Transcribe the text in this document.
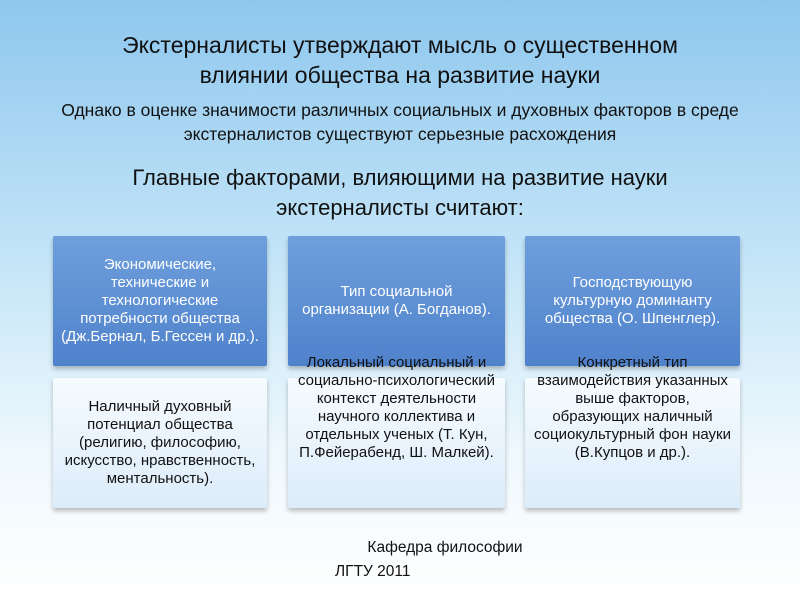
Экстерналисты утверждают мысль о существенном влиянии общества на развитие науки

Однако в оценке значимости различных социальных и духовных факторов в среде экстерналистов существуют серьезные расхождения

Главные факторами, влияющими на развитие науки экстерналисты считают:
Экономические, технические и технологические потребности общества (Дж.Бернал, Б.Гессен и др.).
Тип социальной организации (А. Богданов).
Господствующую культурную доминанту общества (О. Шпенглер).
Наличный духовный потенциал общества (религию, философию, искусство, нравственность, ментальность).
Локальный социальный и социально-психологический контекст деятельности научного коллектива и отдельных ученых (Т. Кун, П.Фейерабенд, Ш. Малкей).
Конкретный тип взаимодействия указанных выше факторов, образующих наличный социокультурный фон науки (В.Купцов и др.).

Кафедра философии

ЛГТУ 2011
